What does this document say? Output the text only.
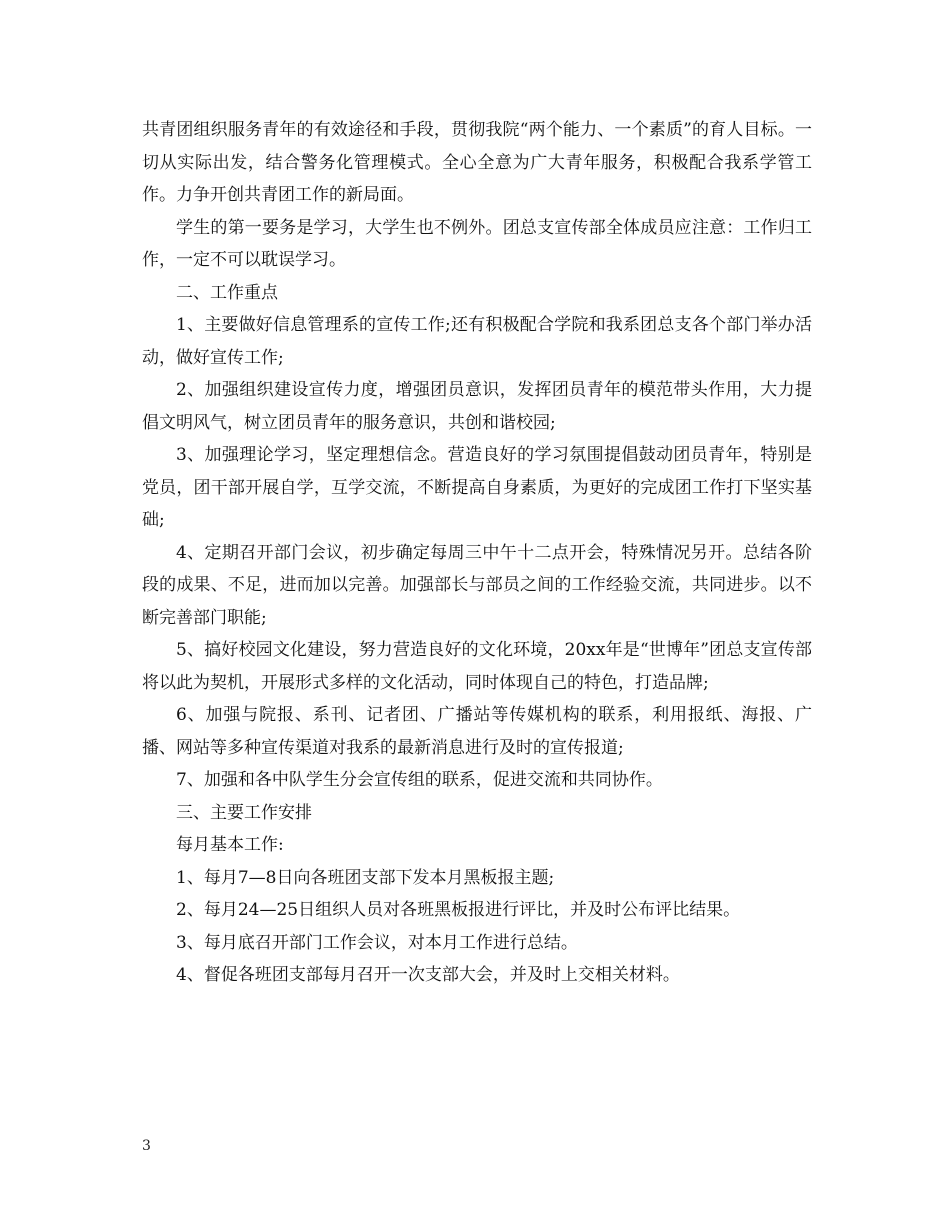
共青团组织服务青年的有效途径和手段，贯彻我院“两个能力、一个素质”的育人目标。一切从实际出发，结合警务化管理模式。全心全意为广大青年服务，积极配合我系学管工作。力争开创共青团工作的新局面。

学生的第一要务是学习，大学生也不例外。团总支宣传部全体成员应注意：工作归工作，一定不可以耽误学习。

二、工作重点

1、主要做好信息管理系的宣传工作;还有积极配合学院和我系团总支各个部门举办活动，做好宣传工作;

2、加强组织建设宣传力度，增强团员意识，发挥团员青年的模范带头作用，大力提倡文明风气，树立团员青年的服务意识，共创和谐校园;

3、加强理论学习，坚定理想信念。营造良好的学习氛围提倡鼓动团员青年，特别是党员，团干部开展自学，互学交流，不断提高自身素质，为更好的完成团工作打下坚实基础;

4、定期召开部门会议，初步确定每周三中午十二点开会，特殊情况另开。总结各阶段的成果、不足，进而加以完善。加强部长与部员之间的工作经验交流，共同进步。以不断完善部门职能;

5、搞好校园文化建设，努力营造良好的文化环境，20xx年是“世博年”团总支宣传部将以此为契机，开展形式多样的文化活动，同时体现自己的特色，打造品牌;

6、加强与院报、系刊、记者团、广播站等传媒机构的联系，利用报纸、海报、广播、网站等多种宣传渠道对我系的最新消息进行及时的宣传报道;

7、加强和各中队学生分会宣传组的联系，促进交流和共同协作。

三、主要工作安排

每月基本工作:

1、每月7—8日向各班团支部下发本月黑板报主题;

2、每月24—25日组织人员对各班黑板报进行评比，并及时公布评比结果。

3、每月底召开部门工作会议，对本月工作进行总结。

4、督促各班团支部每月召开一次支部大会，并及时上交相关材料。

3
